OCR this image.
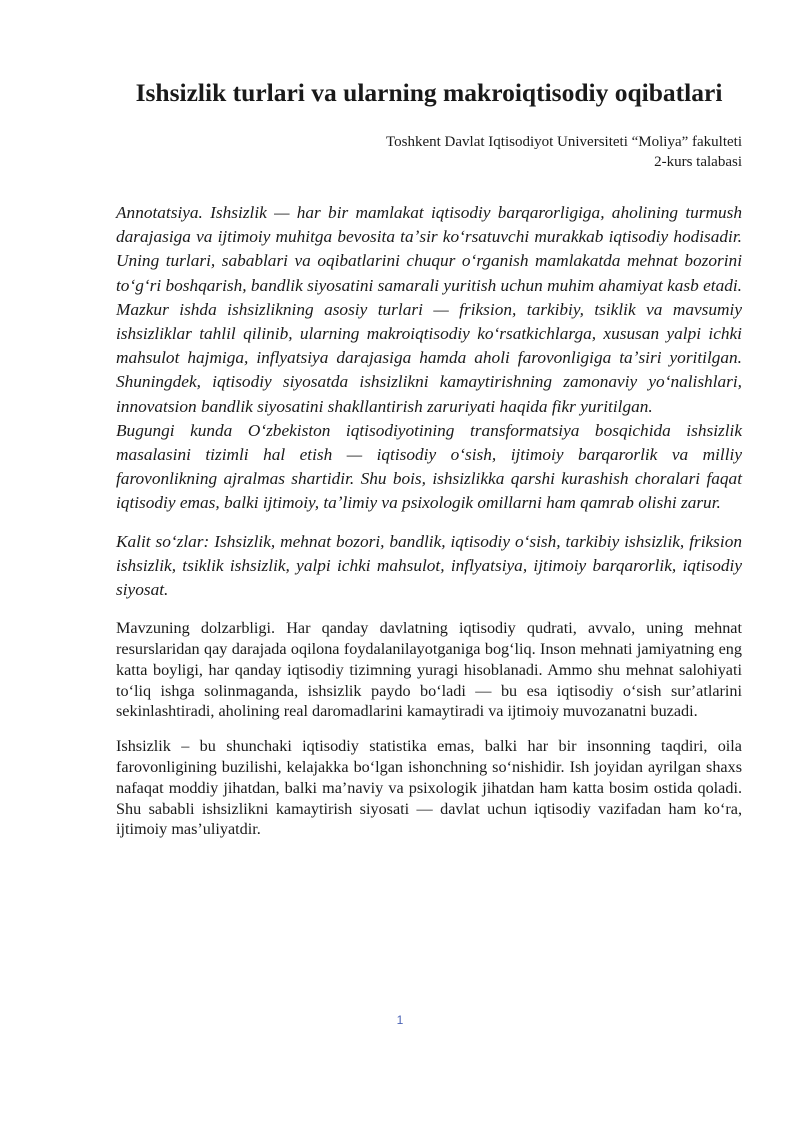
Ishsizlik turlari va ularning makroiqtisodiy oqibatlari
Toshkent Davlat Iqtisodiyot Universiteti “Moliya” fakulteti
2-kurs talabasi

Annotatsiya. Ishsizlik — har bir mamlakat iqtisodiy barqarorligiga, aholining turmush darajasiga va ijtimoiy muhitga bevosita taʼsir koʻrsatuvchi murakkab iqtisodiy hodisadir. Uning turlari, sabablari va oqibatlarini chuqur oʻrganish mamlakatda mehnat bozorini toʻgʻri boshqarish, bandlik siyosatini samarali yuritish uchun muhim ahamiyat kasb etadi.

Mazkur ishda ishsizlikning asosiy turlari — friksion, tarkibiy, tsiklik va mavsumiy ishsizliklar tahlil qilinib, ularning makroiqtisodiy koʻrsatkichlarga, xususan yalpi ichki mahsulot hajmiga, inflyatsiya darajasiga hamda aholi farovonligiga taʼsiri yoritilgan. Shuningdek, iqtisodiy siyosatda ishsizlikni kamaytirishning zamonaviy yoʻnalishlari, innovatsion bandlik siyosatini shakllantirish zaruriyati haqida fikr yuritilgan.

Bugungi kunda Oʻzbekiston iqtisodiyotining transformatsiya bosqichida ishsizlik masalasini tizimli hal etish — iqtisodiy oʻsish, ijtimoiy barqarorlik va milliy farovonlikning ajralmas shartidir. Shu bois, ishsizlikka qarshi kurashish choralari faqat iqtisodiy emas, balki ijtimoiy, taʼlimiy va psixologik omillarni ham qamrab olishi zarur.

Kalit soʻzlar: Ishsizlik, mehnat bozori, bandlik, iqtisodiy oʻsish, tarkibiy ishsizlik, friksion ishsizlik, tsiklik ishsizlik, yalpi ichki mahsulot, inflyatsiya, ijtimoiy barqarorlik, iqtisodiy siyosat.

Mavzuning dolzarbligi. Har qanday davlatning iqtisodiy qudrati, avvalo, uning mehnat resurslaridan qay darajada oqilona foydalanilayotganiga bogʻliq. Inson mehnati jamiyatning eng katta boyligi, har qanday iqtisodiy tizimning yuragi hisoblanadi. Ammo shu mehnat salohiyati toʻliq ishga solinmaganda, ishsizlik paydo boʻladi — bu esa iqtisodiy oʻsish surʼatlarini sekinlashtiradi, aholining real daromadlarini kamaytiradi va ijtimoiy muvozanatni buzadi.

Ishsizlik – bu shunchaki iqtisodiy statistika emas, balki har bir insonning taqdiri, oila farovonligining buzilishi, kelajakka boʻlgan ishonchning soʻnishidir. Ish joyidan ayrilgan shaxs nafaqat moddiy jihatdan, balki maʼnaviy va psixologik jihatdan ham katta bosim ostida qoladi. Shu sababli ishsizlikni kamaytirish siyosati — davlat uchun iqtisodiy vazifadan ham koʻra, ijtimoiy masʼuliyatdir.

1
